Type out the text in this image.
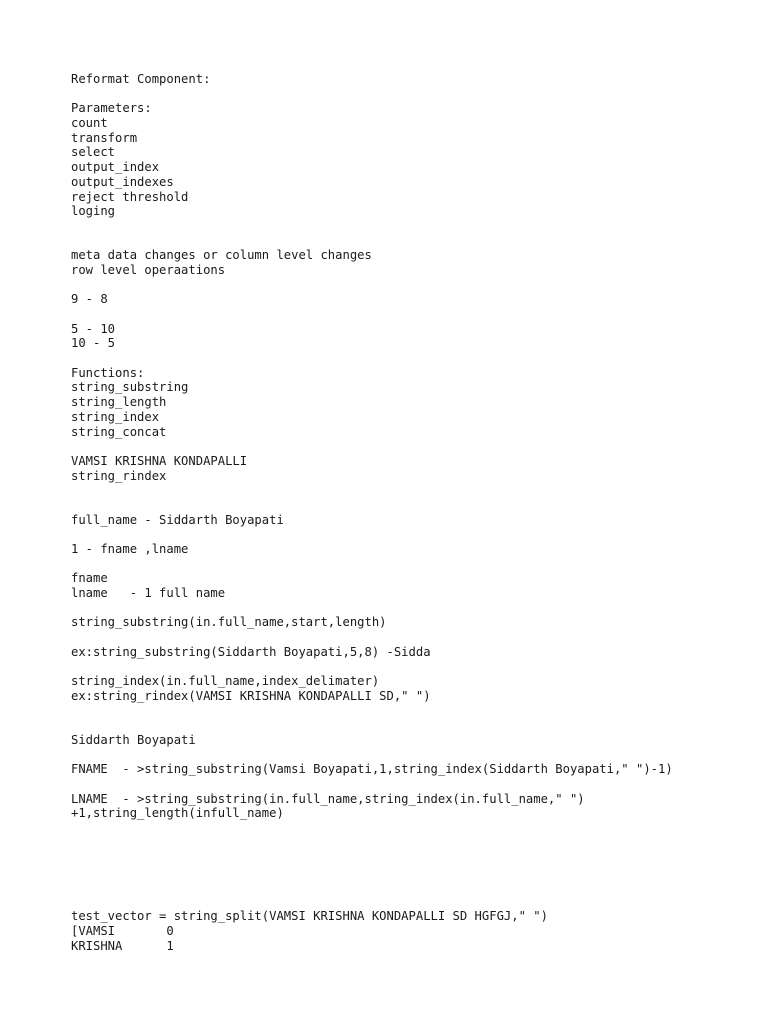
Reformat Component:
Parameters:
count
transform
select
output_index
output_indexes
reject threshold
loging
meta data changes or column level changes
row level operaations
9 - 8
5 - 10
10 - 5
Functions:
string_substring
string_length
string_index
string_concat
VAMSI KRISHNA KONDAPALLI
string_rindex
full_name - Siddarth Boyapati
1 - fname ,lname
fname
lname   - 1 full name
string_substring(in.full_name,start,length)
ex:string_substring(Siddarth Boyapati,5,8) -Sidda
string_index(in.full_name,index_delimater)
ex:string_rindex(VAMSI KRISHNA KONDAPALLI SD," ")
Siddarth Boyapati
FNAME  - >string_substring(Vamsi Boyapati,1,string_index(Siddarth Boyapati," ")-1)
LNAME  - >string_substring(in.full_name,string_index(in.full_name," ")
+1,string_length(infull_name)
test_vector = string_split(VAMSI KRISHNA KONDAPALLI SD HGFGJ," ")
[VAMSI       0
KRISHNA      1
